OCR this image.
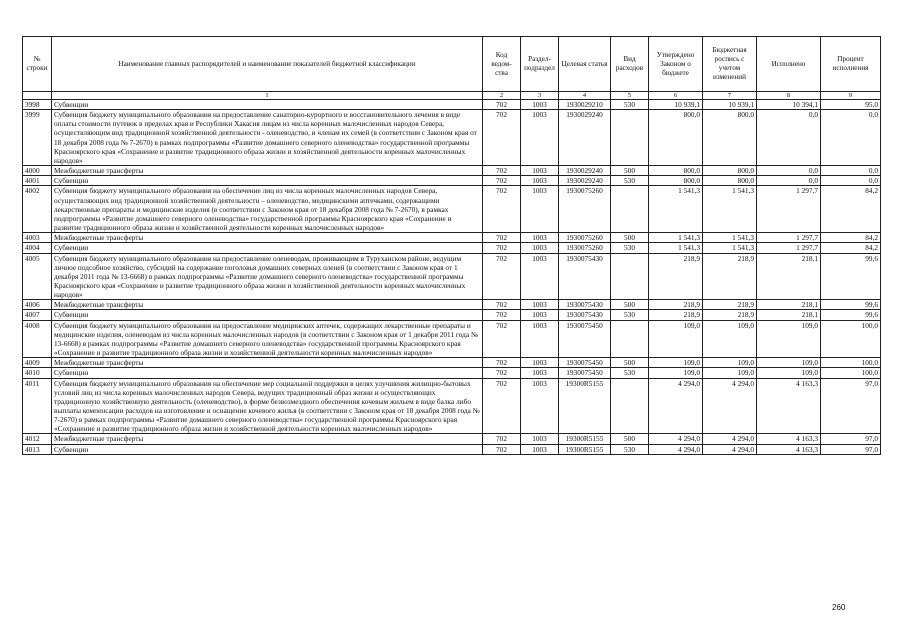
№ строки	Наименование главных распорядителей и наименование показателей бюджетной классификации	Код ведом-ства	Раздел-подраздел	Целевая статья	Вид расходов	Утверждено Законом о бюджете	Бюджетная роспись с учетом изменений	Исполнено	Процент исполнения
	1	2	3	4	5	6	7	8	9
3998	Субвенции	702	1003	1930029210	530	10 939,1	10 939,1	10 394,1	95,0
3999	Субвенция бюджету муниципального образования на предоставление санаторно-курортного и восстановительного лечения в виде оплаты стоимости путевок в пределах края и Республики Хакасия лицам из числа коренных малочисленных народов Севера, осуществляющим вид традиционной хозяйственной деятельности - оленеводство, и членам их семей (в соответствии с Законом края от 18 декабря 2008 года № 7-2670) в рамках подпрограммы «Развитие домашнего северного оленеводства» государственной программы Красноярского края «Сохранение и развитие традиционного образа жизни и хозяйственной деятельности коренных малочисленных народов»	702	1003	1930029240		800,0	800,0	0,0	0,0
4000	Межбюджетные трансферты	702	1003	1930029240	500	800,0	800,0	0,0	0,0
4001	Субвенции	702	1003	1930029240	530	800,0	800,0	0,0	0,0
4002	Субвенция бюджету муниципального образования на обеспечение лиц из числа коренных малочисленных народов Севера, осуществляющих вид традиционной хозяйственной деятельности – оленеводство, медицинскими аптечками, содержащими лекарственные препараты и медицинские изделия (в соответствии с Законом края от 18 декабря 2008 года № 7-2670), в рамках подпрограммы «Развитие домашнего северного оленеводства» государственной программы Красноярского края «Сохранение и развитие традиционного образа жизни и хозяйственной деятельности коренных малочисленных народов»	702	1003	1930075260		1 541,3	1 541,3	1 297,7	84,2
4003	Межбюджетные трансферты	702	1003	1930075260	500	1 541,3	1 541,3	1 297,7	84,2
4004	Субвенции	702	1003	1930075260	530	1 541,3	1 541,3	1 297,7	84,2
4005	Субвенция бюджету муниципального образования на предоставление оленеводам, проживающим в Туруханском районе, ведущим личное подсобное хозяйство, субсидий на содержание поголовья домашних северных оленей (в соответствии с Законом края от 1 декабря 2011 года № 13-6668) в рамках подпрограммы «Развитие домашнего северного оленеводства» государственной программы Красноярского края «Сохранение и развитие традиционного образа жизни и хозяйственной деятельности коренных малочисленных народов»	702	1003	1930075430		218,9	218,9	218,1	99,6
4006	Межбюджетные трансферты	702	1003	1930075430	500	218,9	218,9	218,1	99,6
4007	Субвенции	702	1003	1930075430	530	218,9	218,9	218,1	99,6
4008	Субвенция бюджету муниципального образования на предоставление медицинских аптечек, содержащих лекарственные препараты и медицинские изделия, оленеводам из числа коренных малочисленных народов (в соответствии с Законом края от 1 декабря 2011 года № 13-6668) в рамках подпрограммы «Развитие домашнего северного оленеводства» государственной программы Красноярского края «Сохранение и развитие традиционного образа жизни и хозяйственной деятельности коренных малочисленных народов»	702	1003	1930075450		109,0	109,0	109,0	100,0
4009	Межбюджетные трансферты	702	1003	1930075450	500	109,0	109,0	109,0	100,0
4010	Субвенции	702	1003	1930075450	530	109,0	109,0	109,0	100,0
4011	Субвенция бюджету муниципального образования на обеспечение мер социальной поддержки в целях улучшения жилищно-бытовых условий лиц из числа коренных малочисленных народов Севера, ведущих традиционный образ жизни и осуществляющих традиционную хозяйственную деятельность (оленеводство), в форме безвозмездного обеспечения кочевым жильем в виде балка либо выплаты компенсации расходов на изготовление и оснащение кочевого жилья (в соответствии с Законом края от 18 декабря 2008 года № 7-2670) в рамках подпрограммы «Развитие домашнего северного оленеводства» государственной программы Красноярского края «Сохранение и развитие традиционного образа жизни и хозяйственной деятельности коренных малочисленных народов»	702	1003	19300R5155		4 294,0	4 294,0	4 163,3	97,0
4012	Межбюджетные трансферты	702	1003	19300R5155	500	4 294,0	4 294,0	4 163,3	97,0
4013	Субвенции	702	1003	19300R5155	530	4 294,0	4 294,0	4 163,3	97,0
260
